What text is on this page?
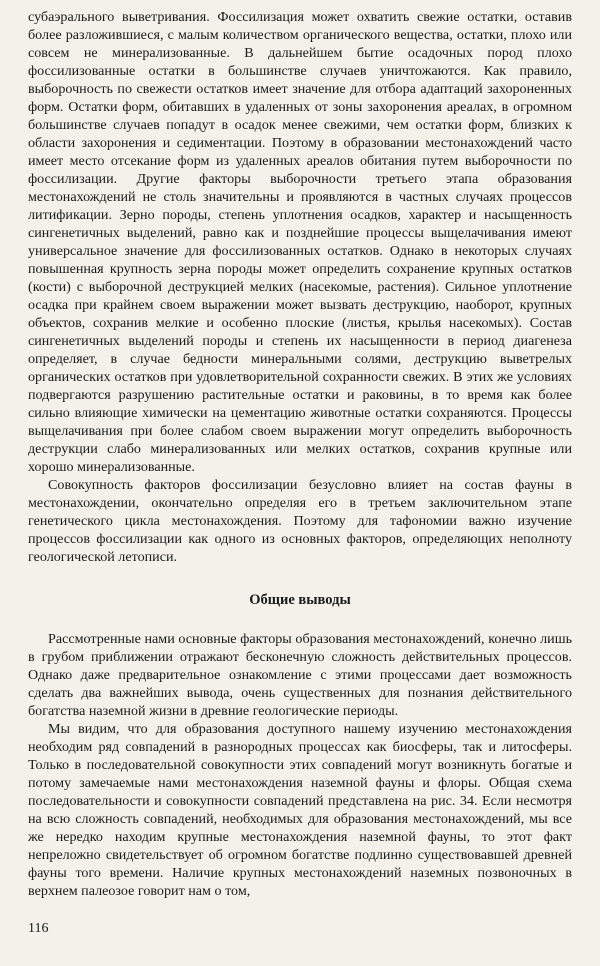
субаэрального выветривания. Фоссилизация может охватить свежие остатки, оставив более разложившиеся, с малым количеством органического вещества, остатки, плохо или совсем не минерализованные. В дальнейшем бытие осадочных пород плохо фоссилизованные остатки в большинстве случаев уничтожаются. Как правило, выборочность по свежести остатков имеет значение для отбора адаптаций захороненных форм. Остатки форм, обитавших в удаленных от зоны захоронения ареалах, в огромном большинстве случаев попадут в осадок менее свежими, чем остатки форм, близких к области захоронения и седиментации. Поэтому в образовании местонахождений часто имеет место отсекание форм из удаленных ареалов обитания путем выборочности по фоссилизации. Другие факторы выборочности третьего этапа образования местонахождений не столь значительны и проявляются в частных случаях процессов литификации. Зерно породы, степень уплотнения осадков, характер и насыщенность сингенетичных выделений, равно как и позднейшие процессы выщелачивания имеют универсальное значение для фоссилизованных остатков. Однако в некоторых случаях повышенная крупность зерна породы может определить сохранение крупных остатков (кости) с выборочной деструкцией мелких (насекомые, растения). Сильное уплотнение осадка при крайнем своем выражении может вызвать деструкцию, наоборот, крупных объектов, сохранив мелкие и особенно плоские (листья, крылья насекомых). Состав сингенетичных выделений породы и степень их насыщенности в период диагенеза определяет, в случае бедности минеральными солями, деструкцию выветрелых органических остатков при удовлетворительной сохранности свежих. В этих же условиях подвергаются разрушению растительные остатки и раковины, в то время как более сильно влияющие химически на цементацию животные остатки сохраняются. Процессы выщелачивания при более слабом своем выражении могут определить выборочность деструкции слабо минерализованных или мелких остатков, сохранив крупные или хорошо минерализованные.

Совокупность факторов фоссилизации безусловно влияет на состав фауны в местонахождении, окончательно определяя его в третьем заключительном этапе генетического цикла местонахождения. Поэтому для тафономии важно изучение процессов фоссилизации как одного из основных факторов, определяющих неполноту геологической летописи.

Общие выводы

Рассмотренные нами основные факторы образования местонахождений, конечно лишь в грубом приближении отражают бесконечную сложность действительных процессов. Однако даже предварительное ознакомление с этими процессами дает возможность сделать два важнейших вывода, очень существенных для познания действительного богатства наземной жизни в древние геологические периоды.

Мы видим, что для образования доступного нашему изучению местонахождения необходим ряд совпадений в разнородных процессах как биосферы, так и литосферы. Только в последовательной совокупности этих совпадений могут возникнуть богатые и потому замечаемые нами местонахождения наземной фауны и флоры. Общая схема последовательности и совокупности совпадений представлена на рис. 34. Если несмотря на всю сложность совпадений, необходимых для образования местонахождений, мы все же нередко находим крупные местонахождения наземной фауны, то этот факт непреложно свидетельствует об огромном богатстве подлинно существовавшей древней фауны того времени. Наличие крупных местонахождений наземных позвоночных в верхнем палеозое говорит нам о том,

116
